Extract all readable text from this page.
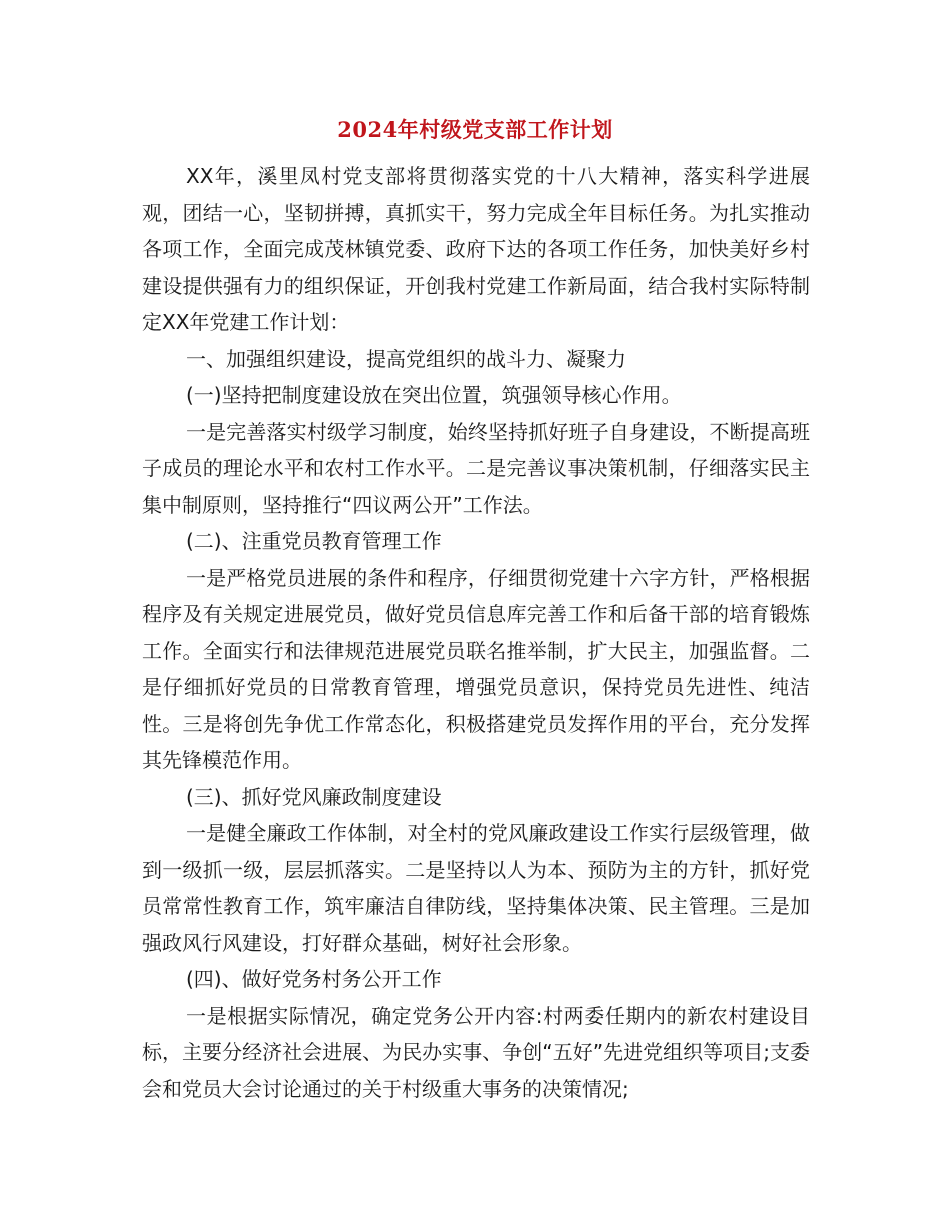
2024年村级党支部工作计划

XX年，溪里凤村党支部将贯彻落实党的十八大精神，落实科学进展观，团结一心，坚韧拼搏，真抓实干，努力完成全年目标任务。为扎实推动各项工作，全面完成茂林镇党委、政府下达的各项工作任务，加快美好乡村建设提供强有力的组织保证，开创我村党建工作新局面，结合我村实际特制定XX年党建工作计划：

一、加强组织建设，提高党组织的战斗力、凝聚力

(一)坚持把制度建设放在突出位置，筑强领导核心作用。

一是完善落实村级学习制度，始终坚持抓好班子自身建设，不断提高班子成员的理论水平和农村工作水平。二是完善议事决策机制，仔细落实民主集中制原则，坚持推行“四议两公开”工作法。

(二)、注重党员教育管理工作

一是严格党员进展的条件和程序，仔细贯彻党建十六字方针，严格根据程序及有关规定进展党员，做好党员信息库完善工作和后备干部的培育锻炼工作。全面实行和法律规范进展党员联名推举制，扩大民主，加强监督。二是仔细抓好党员的日常教育管理，增强党员意识，保持党员先进性、纯洁性。三是将创先争优工作常态化，积极搭建党员发挥作用的平台，充分发挥其先锋模范作用。

(三)、抓好党风廉政制度建设

一是健全廉政工作体制，对全村的党风廉政建设工作实行层级管理，做到一级抓一级，层层抓落实。二是坚持以人为本、预防为主的方针，抓好党员常常性教育工作，筑牢廉洁自律防线，坚持集体决策、民主管理。三是加强政风行风建设，打好群众基础，树好社会形象。

(四)、做好党务村务公开工作

一是根据实际情况，确定党务公开内容:村两委任期内的新农村建设目标，主要分经济社会进展、为民办实事、争创“五好”先进党组织等项目;支委会和党员大会讨论通过的关于村级重大事务的决策情况;
